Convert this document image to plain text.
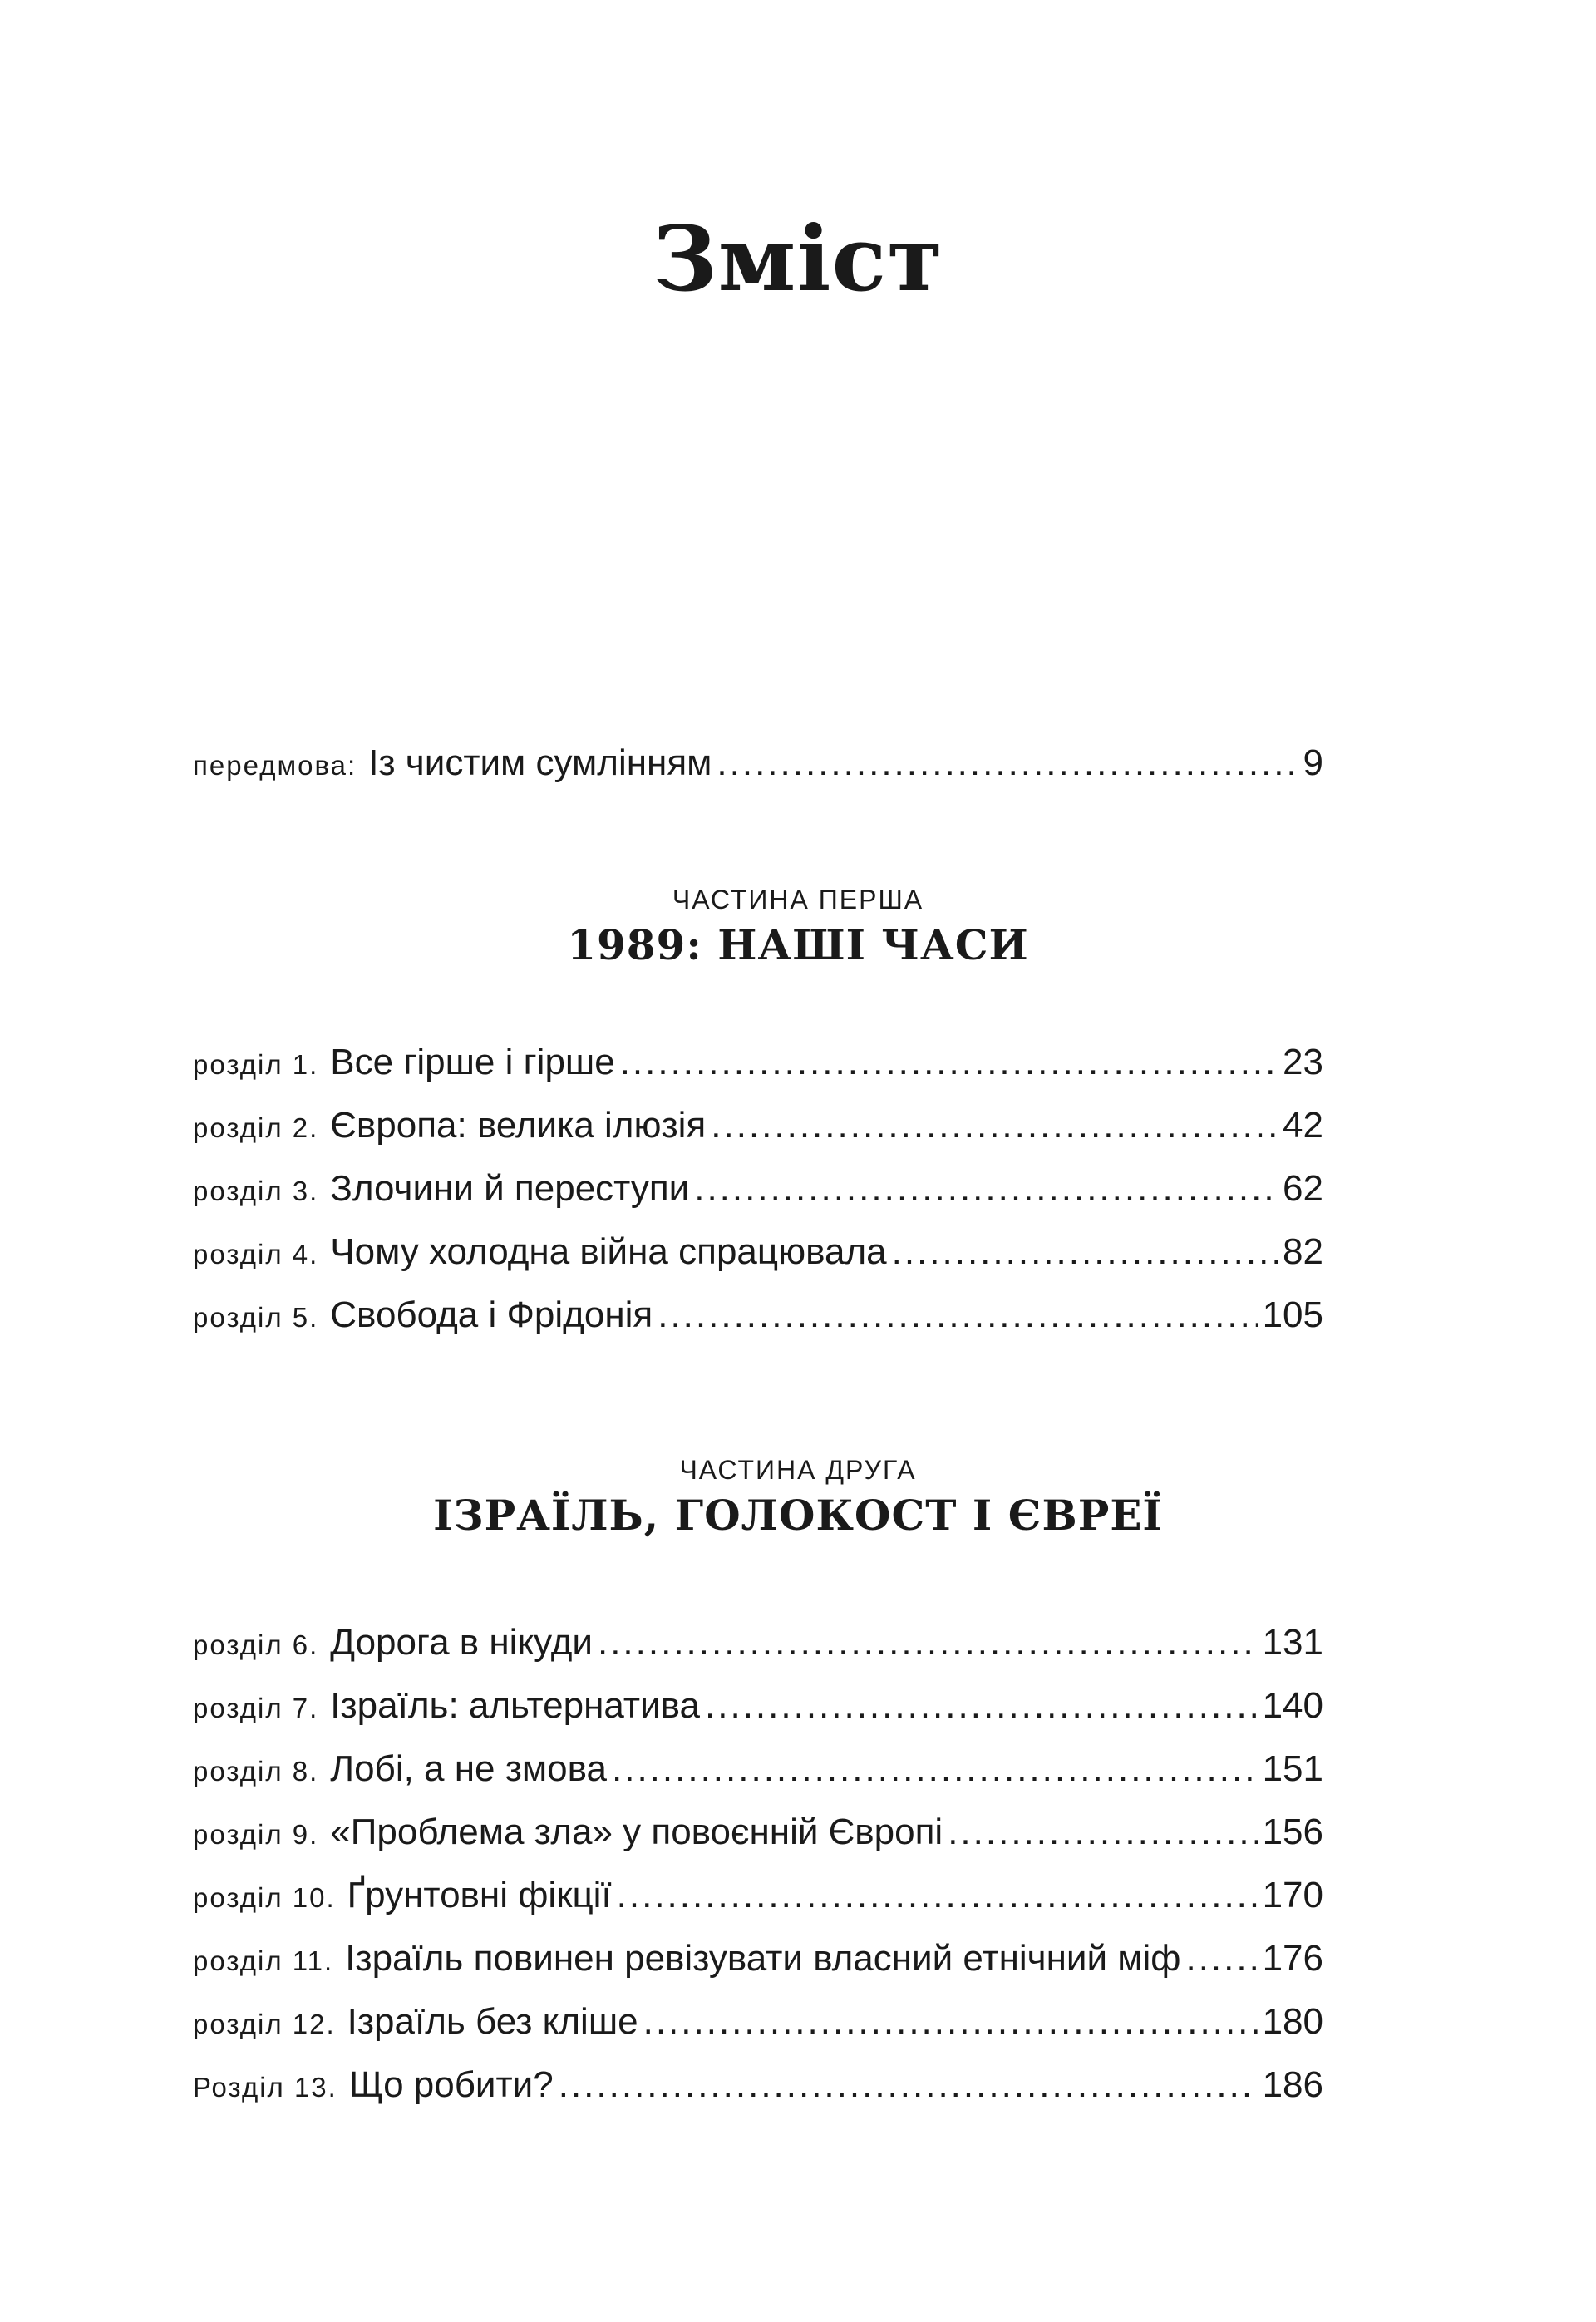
Зміст
передмова: Із чистим сумлінням .....	9
ЧАСТИНА ПЕРША
1989: НАШІ ЧАСИ
розділ 1. Все гірше і гірше .....	23
розділ 2. Європа: велика ілюзія .....	42
розділ 3. Злочини й переступи .....	62
розділ 4. Чому холодна війна спрацювала .....	82
розділ 5. Свобода і Фрідонія .....	105
ЧАСТИНА ДРУГА
ІЗРАЇЛЬ, ГОЛОКОСТ І ЄВРЕЇ
розділ 6. Дорога в нікуди .....	131
розділ 7. Ізраїль: альтернатива .....	140
розділ 8. Лобі, а не змова .....	151
розділ 9. «Проблема зла» у повоєнній Європі .....	156
розділ 10. Ґрунтовні фікції .....	170
розділ 11. Ізраїль повинен ревізувати власний етнічний міф ..... 176
розділ 12. Ізраїль без кліше .....	180
Розділ 13. Що робити? .....	186
